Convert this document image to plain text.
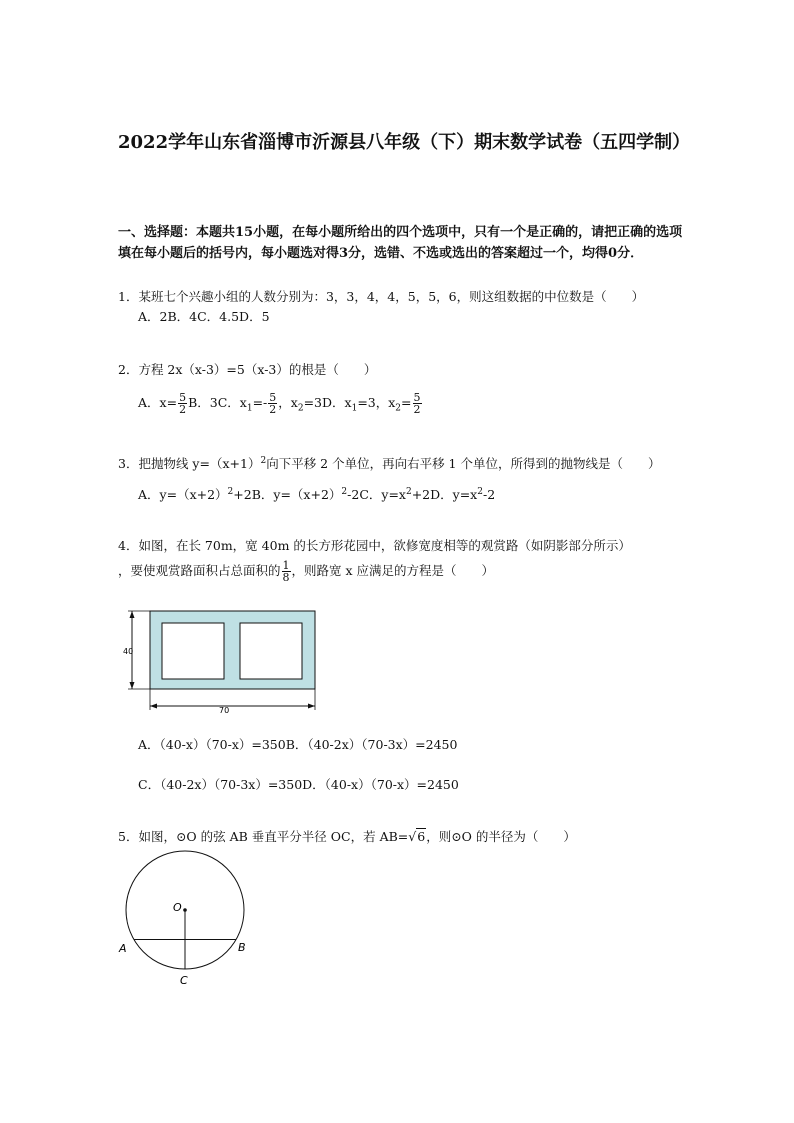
2022学年山东省淄博市沂源县八年级（下）期末数学试卷（五四学制）
一、选择题：本题共15小题，在每小题所给出的四个选项中，只有一个是正确的，请把正确的选项填在每小题后的括号内，每小题选对得3分，选错、不选或选出的答案超过一个，均得0分．
1．某班七个兴趣小组的人数分别为：3，3，4，4，5，5，6，则这组数据的中位数是（　　）
A．2B．4C．4.5D．5
2．方程 2x（x-3）=5（x-3）的根是（　　）
A．$x= \frac{5}{2}$ B．3C．$x_1=- \frac{5}{2}$ ，$x_2=3D$．$x_1=3$，$x_2= \frac{5}{2}$
3．把抛物线 $y=(x+1)^2$向下平移 2 个单位，再向右平移 1 个单位，所得到的抛物线是（　　）
A．$y=(x+2)^2+2B$．$y=(x+2)^2-2C$．$y=x^2+2D$．$y=x^2-2$
4．如图，在长 70m，宽 40m 的长方形花园中，欲修宽度相等的观赏路（如阴影部分所示）
，要使观赏路面积占总面积的 $\frac{1}{8}$ ，则路宽 x 应满足的方程是（　　）
40
70
A．（40-x）（70-x）=350B．（40-2x）（70-3x）=2450
C．（40-2x）（70-3x）=350D．（40-x）（70-x）=2450
5．如图，⊙O 的弦 AB 垂直平分半径 OC，若 AB=√6，则⊙O 的半径为（　　）
O
A	B
C
